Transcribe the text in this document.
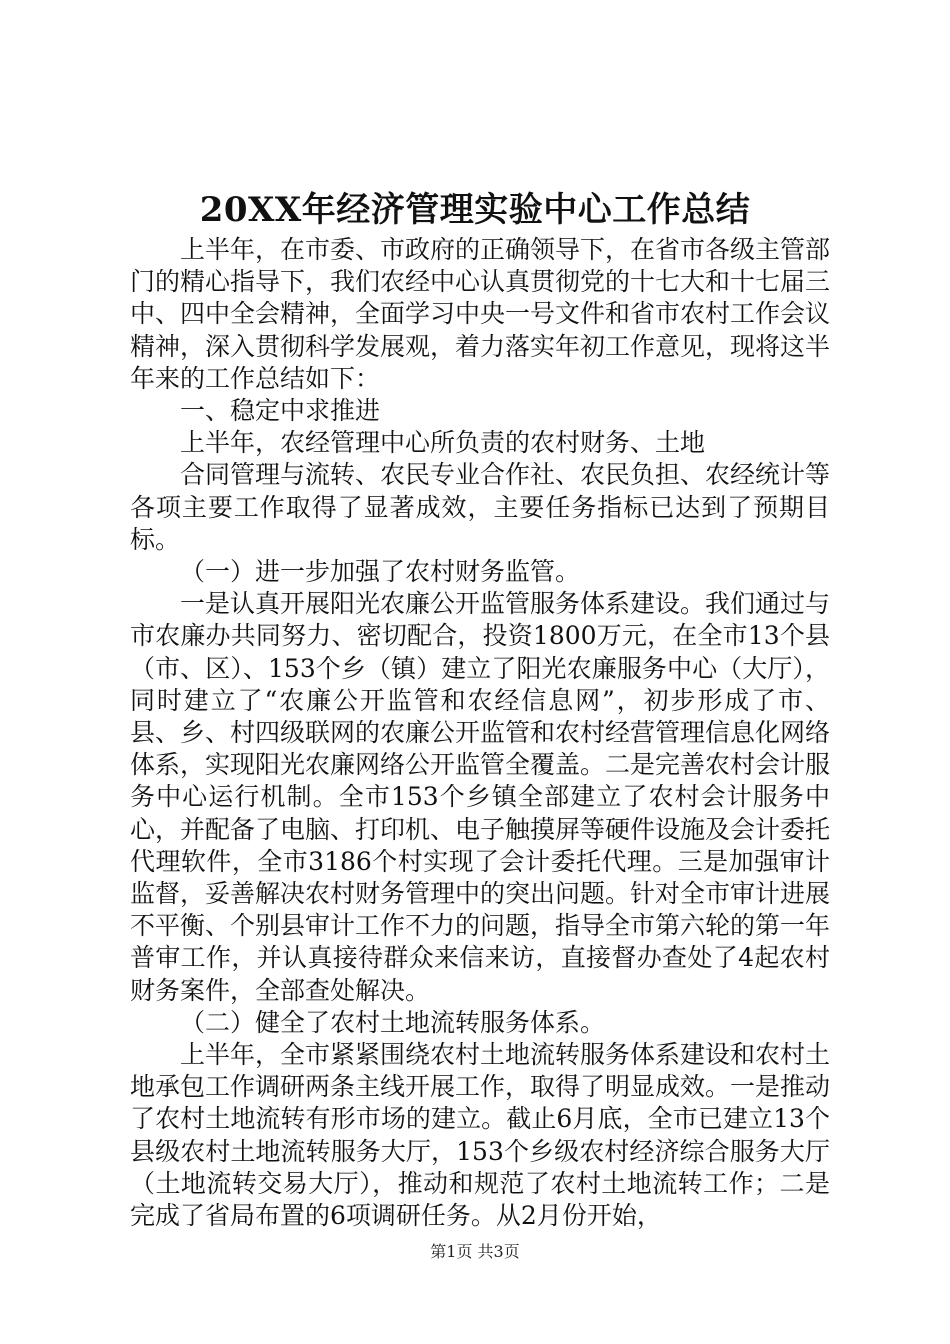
20XX年经济管理实验中心工作总结

上半年，在市委、市政府的正确领导下，在省市各级主管部门的精心指导下，我们农经中心认真贯彻党的十七大和十七届三中、四中全会精神，全面学习中央一号文件和省市农村工作会议精神，深入贯彻科学发展观，着力落实年初工作意见，现将这半年来的工作总结如下：

一、稳定中求推进

上半年，农经管理中心所负责的农村财务、土地

合同管理与流转、农民专业合作社、农民负担、农经统计等各项主要工作取得了显著成效，主要任务指标已达到了预期目标。

（一）进一步加强了农村财务监管。

一是认真开展阳光农廉公开监管服务体系建设。我们通过与市农廉办共同努力、密切配合，投资1800万元，在全市13个县（市、区）、153个乡（镇）建立了阳光农廉服务中心（大厅），同时建立了“农廉公开监管和农经信息网”，初步形成了市、县、乡、村四级联网的农廉公开监管和农村经营管理信息化网络体系，实现阳光农廉网络公开监管全覆盖。二是完善农村会计服务中心运行机制。全市153个乡镇全部建立了农村会计服务中心，并配备了电脑、打印机、电子触摸屏等硬件设施及会计委托代理软件，全市3186个村实现了会计委托代理。三是加强审计监督，妥善解决农村财务管理中的突出问题。针对全市审计进展不平衡、个别县审计工作不力的问题，指导全市第六轮的第一年普审工作，并认真接待群众来信来访，直接督办查处了4起农村财务案件，全部查处解决。

（二）健全了农村土地流转服务体系。

上半年，全市紧紧围绕农村土地流转服务体系建设和农村土地承包工作调研两条主线开展工作，取得了明显成效。一是推动了农村土地流转有形市场的建立。截止6月底，全市已建立13个县级农村土地流转服务大厅，153个乡级农村经济综合服务大厅（土地流转交易大厅），推动和规范了农村土地流转工作；二是完成了省局布置的6项调研任务。从2月份开始，

第1页 共3页
